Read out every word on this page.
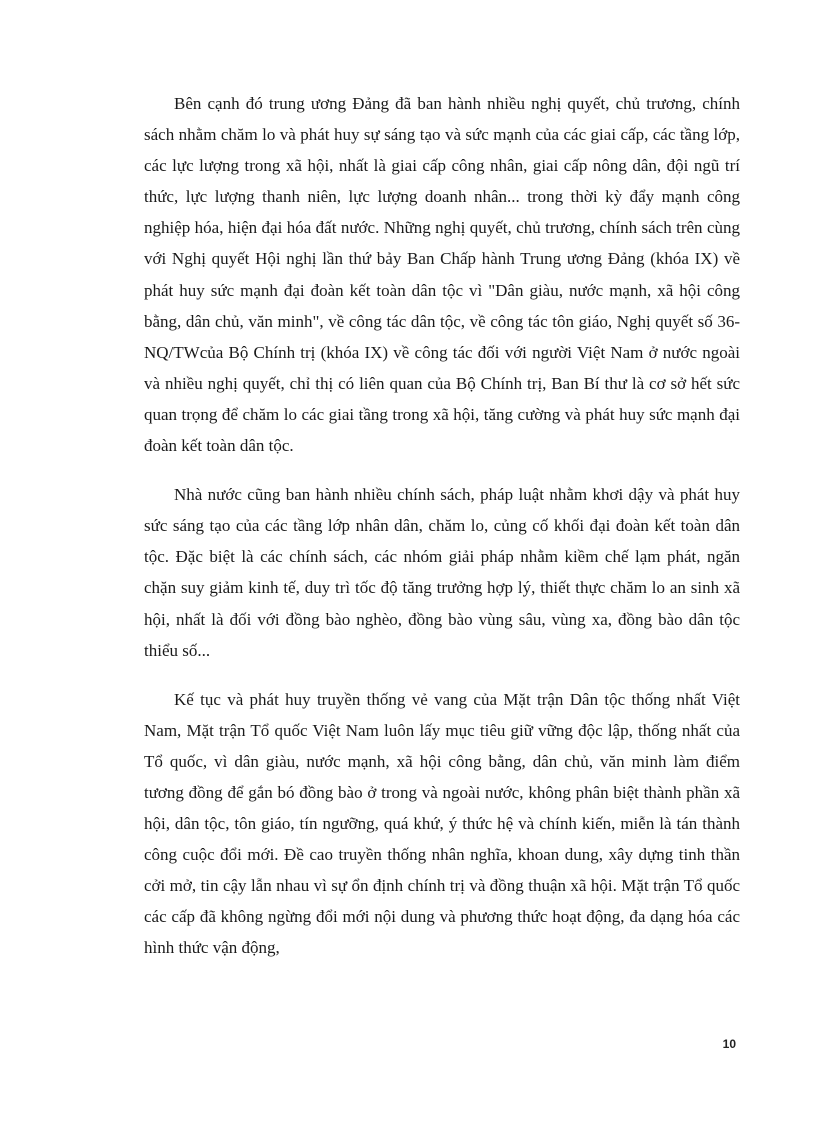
Bên cạnh đó trung ương Đảng đã ban hành nhiều nghị quyết, chủ trương, chính sách nhằm chăm lo và phát huy sự sáng tạo và sức mạnh của các giai cấp, các tầng lớp, các lực lượng trong xã hội, nhất là giai cấp công nhân, giai cấp nông dân, đội ngũ trí thức, lực lượng thanh niên, lực lượng doanh nhân... trong thời kỳ đẩy mạnh công nghiệp hóa, hiện đại hóa đất nước. Những nghị quyết, chủ trương, chính sách trên cùng với Nghị quyết Hội nghị lần thứ bảy Ban Chấp hành Trung ương Đảng (khóa IX) về phát huy sức mạnh đại đoàn kết toàn dân tộc vì "Dân giàu, nước mạnh, xã hội công bằng, dân chủ, văn minh", về công tác dân tộc, về công tác tôn giáo, Nghị quyết số 36-NQ/TWcủa Bộ Chính trị (khóa IX) về công tác đối với người Việt Nam ở nước ngoài và nhiều nghị quyết, chỉ thị có liên quan của Bộ Chính trị, Ban Bí thư là cơ sở hết sức quan trọng để chăm lo các giai tầng trong xã hội, tăng cường và phát huy sức mạnh đại đoàn kết toàn dân tộc.

Nhà nước cũng ban hành nhiều chính sách, pháp luật nhằm khơi dậy và phát huy sức sáng tạo của các tầng lớp nhân dân, chăm lo, củng cố khối đại đoàn kết toàn dân tộc. Đặc biệt là các chính sách, các nhóm giải pháp nhằm kiềm chế lạm phát, ngăn chặn suy giảm kinh tế, duy trì tốc độ tăng trưởng hợp lý, thiết thực chăm lo an sinh xã hội, nhất là đối với đồng bào nghèo, đồng bào vùng sâu, vùng xa, đồng bào dân tộc thiểu số...

Kế tục và phát huy truyền thống vẻ vang của Mặt trận Dân tộc thống nhất Việt Nam, Mặt trận Tổ quốc Việt Nam luôn lấy mục tiêu giữ vững độc lập, thống nhất của Tổ quốc, vì dân giàu, nước mạnh, xã hội công bằng, dân chủ, văn minh làm điểm tương đồng để gắn bó đồng bào ở trong và ngoài nước, không phân biệt thành phần xã hội, dân tộc, tôn giáo, tín ngưỡng, quá khứ, ý thức hệ và chính kiến, miễn là tán thành công cuộc đổi mới. Đề cao truyền thống nhân nghĩa, khoan dung, xây dựng tinh thần cởi mở, tin cậy lẫn nhau vì sự ổn định chính trị và đồng thuận xã hội. Mặt trận Tổ quốc các cấp đã không ngừng đổi mới nội dung và phương thức hoạt động, đa dạng hóa các hình thức vận động,

10
